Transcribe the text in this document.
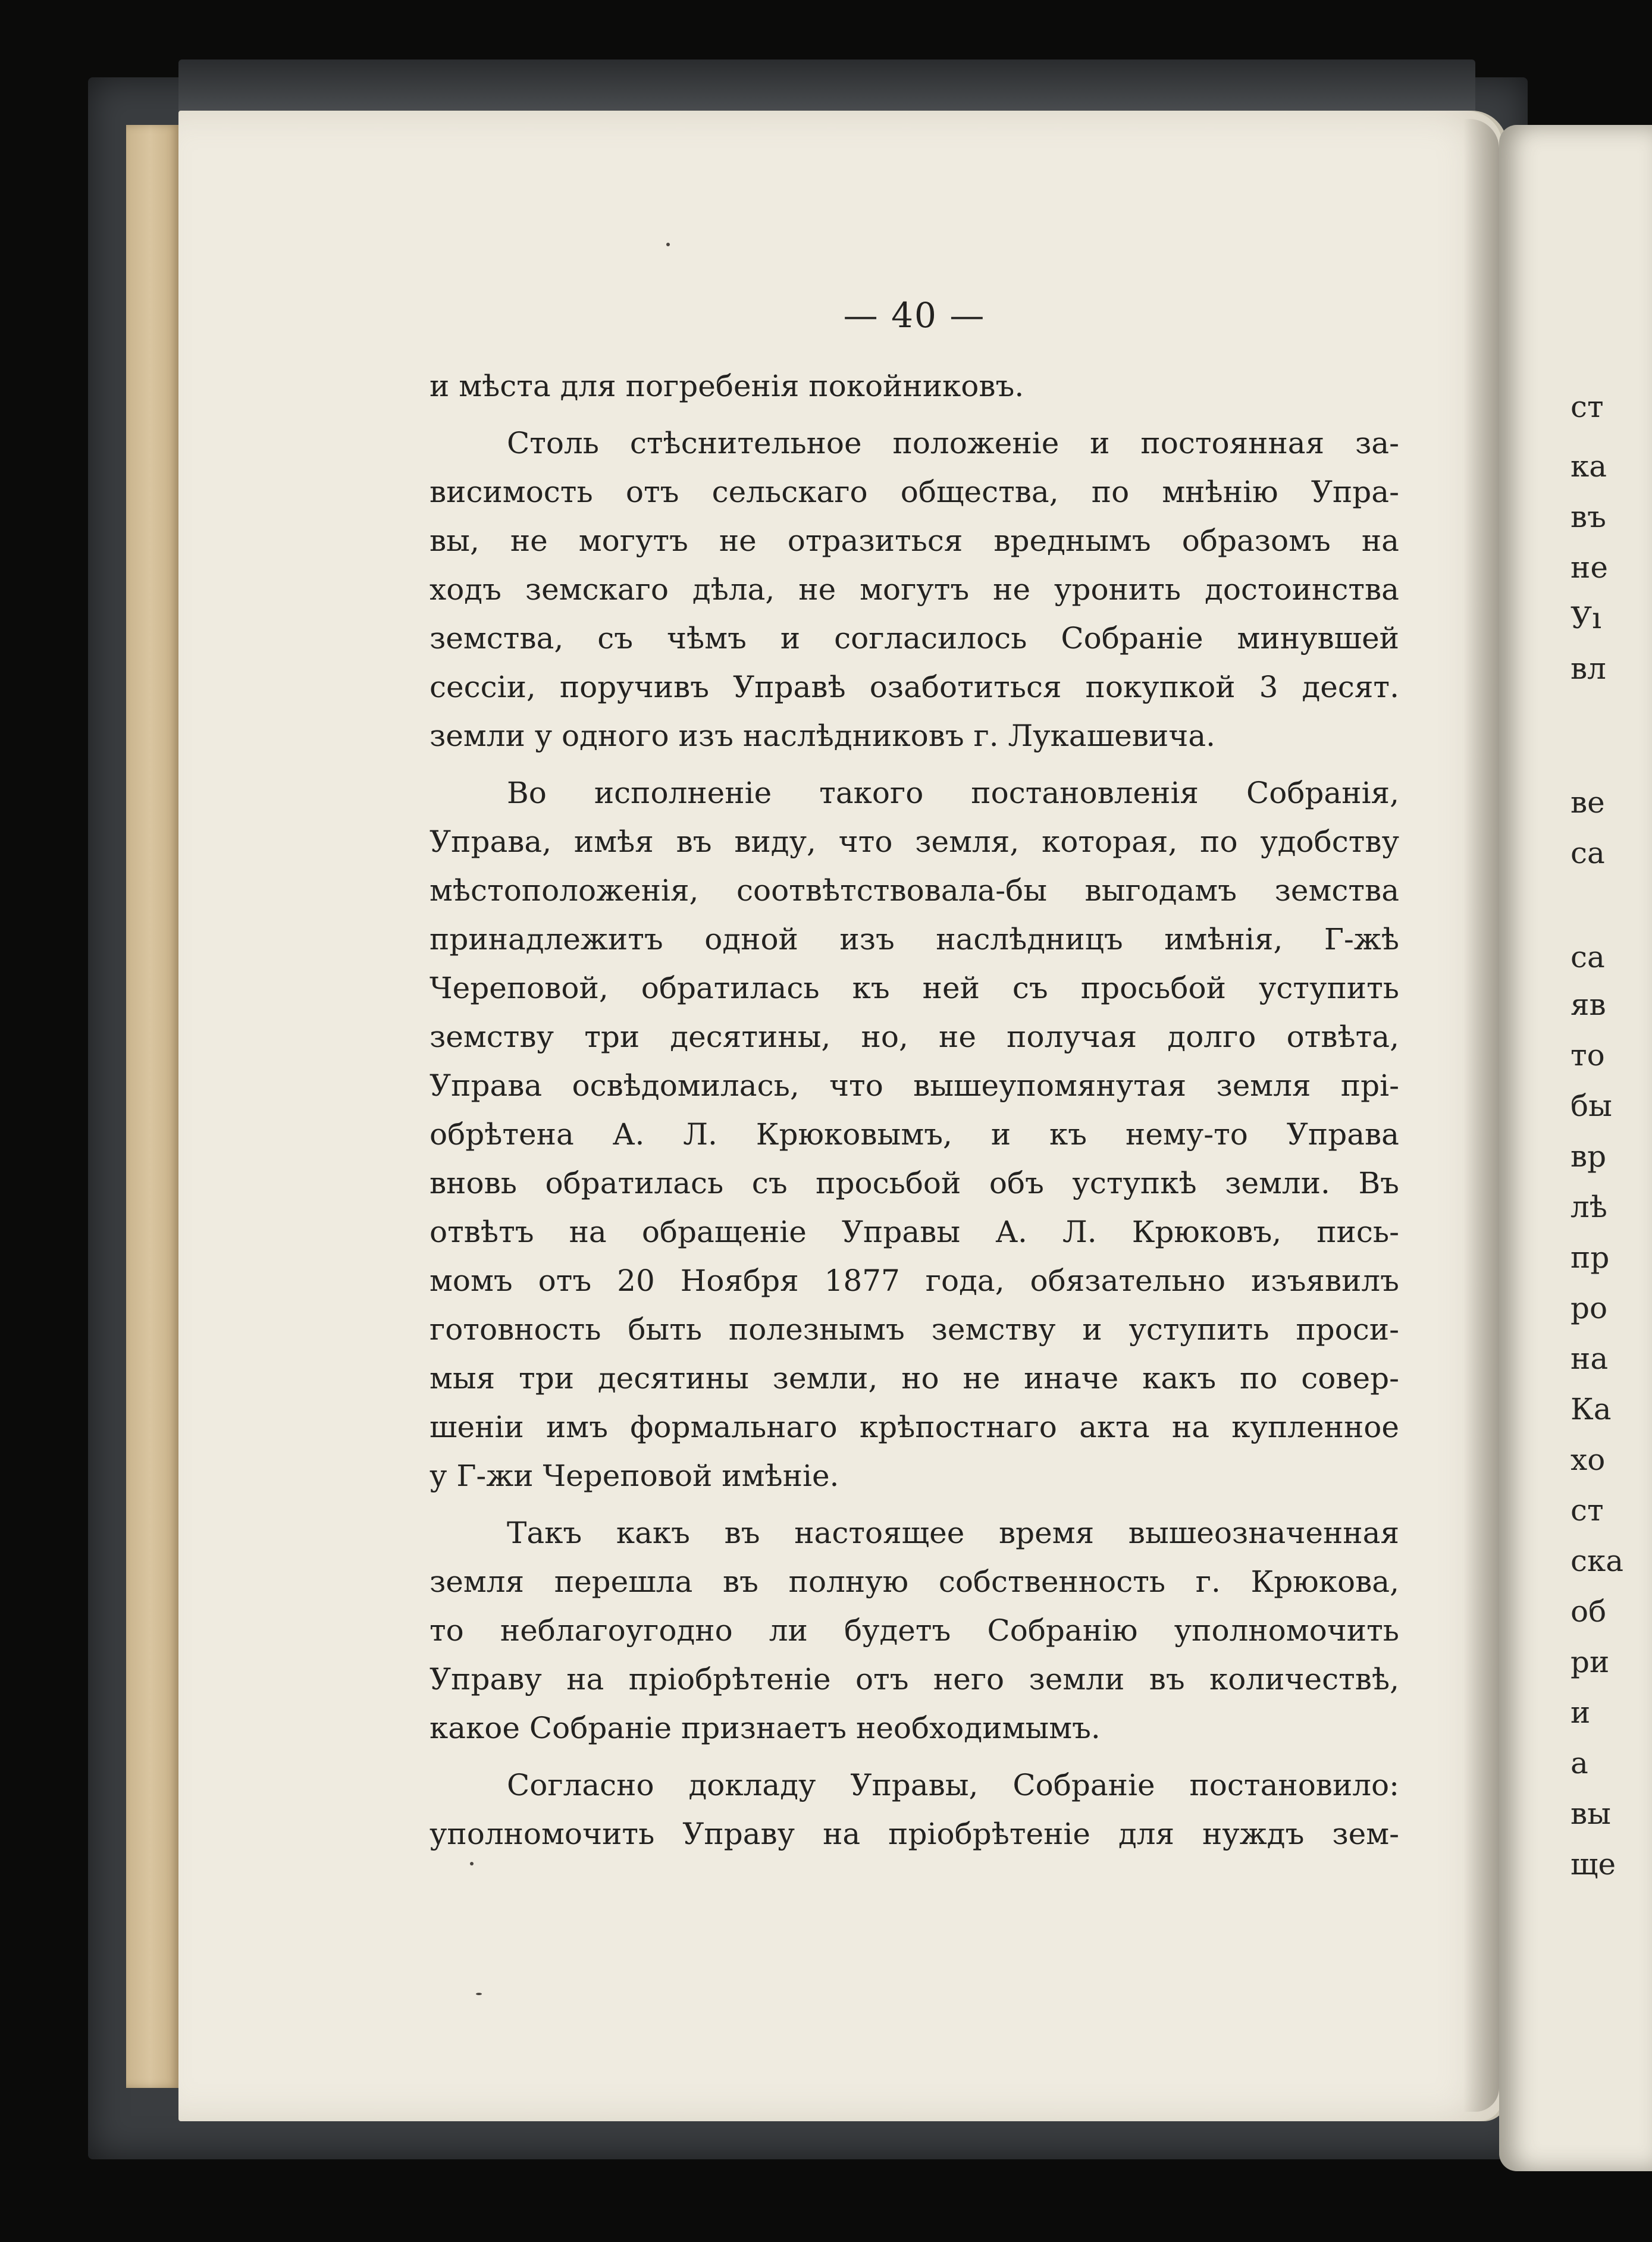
— 40 —
и мѣста для погребенія покойниковъ.
Столь стѣснительное положеніе и постоянная за-
висимость отъ сельскаго общества, по мнѣнію Упра-
вы, не могутъ не отразиться вреднымъ образомъ на
ходъ земскаго дѣла, не могутъ не уронить достоинства
земства, съ чѣмъ и согласилось Собраніе минувшей
сессіи, поручивъ Управѣ озаботиться покупкой 3 десят.
земли у одного изъ наслѣдниковъ г. Лукашевича.
Во исполненіе такого постановленія Собранія,
Управа, имѣя въ виду, что земля, которая, по удобству
мѣстоположенія, соотвѣтствовала-бы выгодамъ земства
принадлежитъ одной изъ наслѣдницъ имѣнія, Г-жѣ
Череповой, обратилась къ ней съ просьбой уступить
земству три десятины, но, не получая долго отвѣта,
Управа освѣдомилась, что вышеупомянутая земля прі-
обрѣтена А. Л. Крюковымъ, и къ нему-то Управа
вновь обратилась съ просьбой объ уступкѣ земли. Въ
отвѣтъ на обращеніе Управы А. Л. Крюковъ, пись-
момъ отъ 20 Ноября 1877 года, обязательно изъявилъ
готовность быть полезнымъ земству и уступить проси-
мыя три десятины земли, но не иначе какъ по совер-
шеніи имъ формальнаго крѣпостнаго акта на купленное
у Г-жи Череповой имѣніе.
Такъ какъ въ настоящее время вышеозначенная
земля перешла въ полную собственность г. Крюкова,
то неблагоугодно ли будетъ Собранію уполномочить
Управу на пріобрѣтеніе отъ него земли въ количествѣ,
какое Собраніе признаетъ необходимымъ.
Согласно докладу Управы, Собраніе постановило:
уполномочить Управу на пріобрѣтеніе для нуждъ зем-
ст
ка
въ
не
Уı
вл
ве
са
са
яв
то
бы
вр
лѣ
пр
ро
на
Ка
хо
ст
ска
об
ри
и
а
вы
ще
